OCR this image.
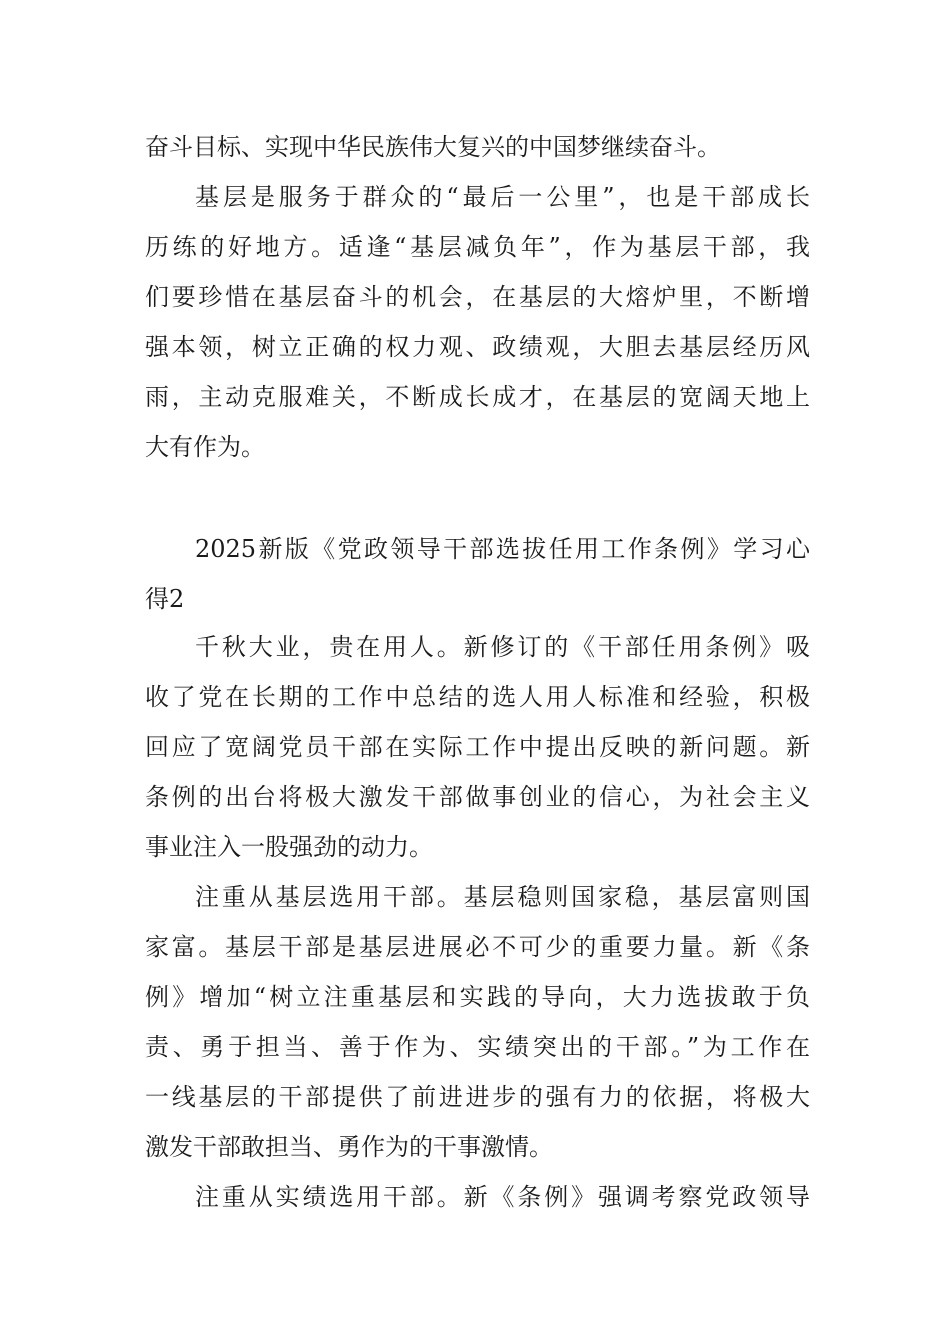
奋斗目标、实现中华民族伟大复兴的中国梦继续奋斗。
基层是服务于群众的“最后一公里”，也是干部成长
历练的好地方。适逢“基层减负年”，作为基层干部，我
们要珍惜在基层奋斗的机会，在基层的大熔炉里，不断增
强本领，树立正确的权力观、政绩观，大胆去基层经历风
雨，主动克服难关，不断成长成才，在基层的宽阔天地上
大有作为。
2025新版《党政领导干部选拔任用工作条例》学习心
得2
千秋大业，贵在用人。新修订的《干部任用条例》吸
收了党在长期的工作中总结的选人用人标准和经验，积极
回应了宽阔党员干部在实际工作中提出反映的新问题。新
条例的出台将极大激发干部做事创业的信心，为社会主义
事业注入一股强劲的动力。
注重从基层选用干部。基层稳则国家稳，基层富则国
家富。基层干部是基层进展必不可少的重要力量。新《条
例》增加“树立注重基层和实践的导向，大力选拔敢于负
责、勇于担当、善于作为、实绩突出的干部。”为工作在
一线基层的干部提供了前进进步的强有力的依据，将极大
激发干部敢担当、勇作为的干事激情。
注重从实绩选用干部。新《条例》强调考察党政领导
